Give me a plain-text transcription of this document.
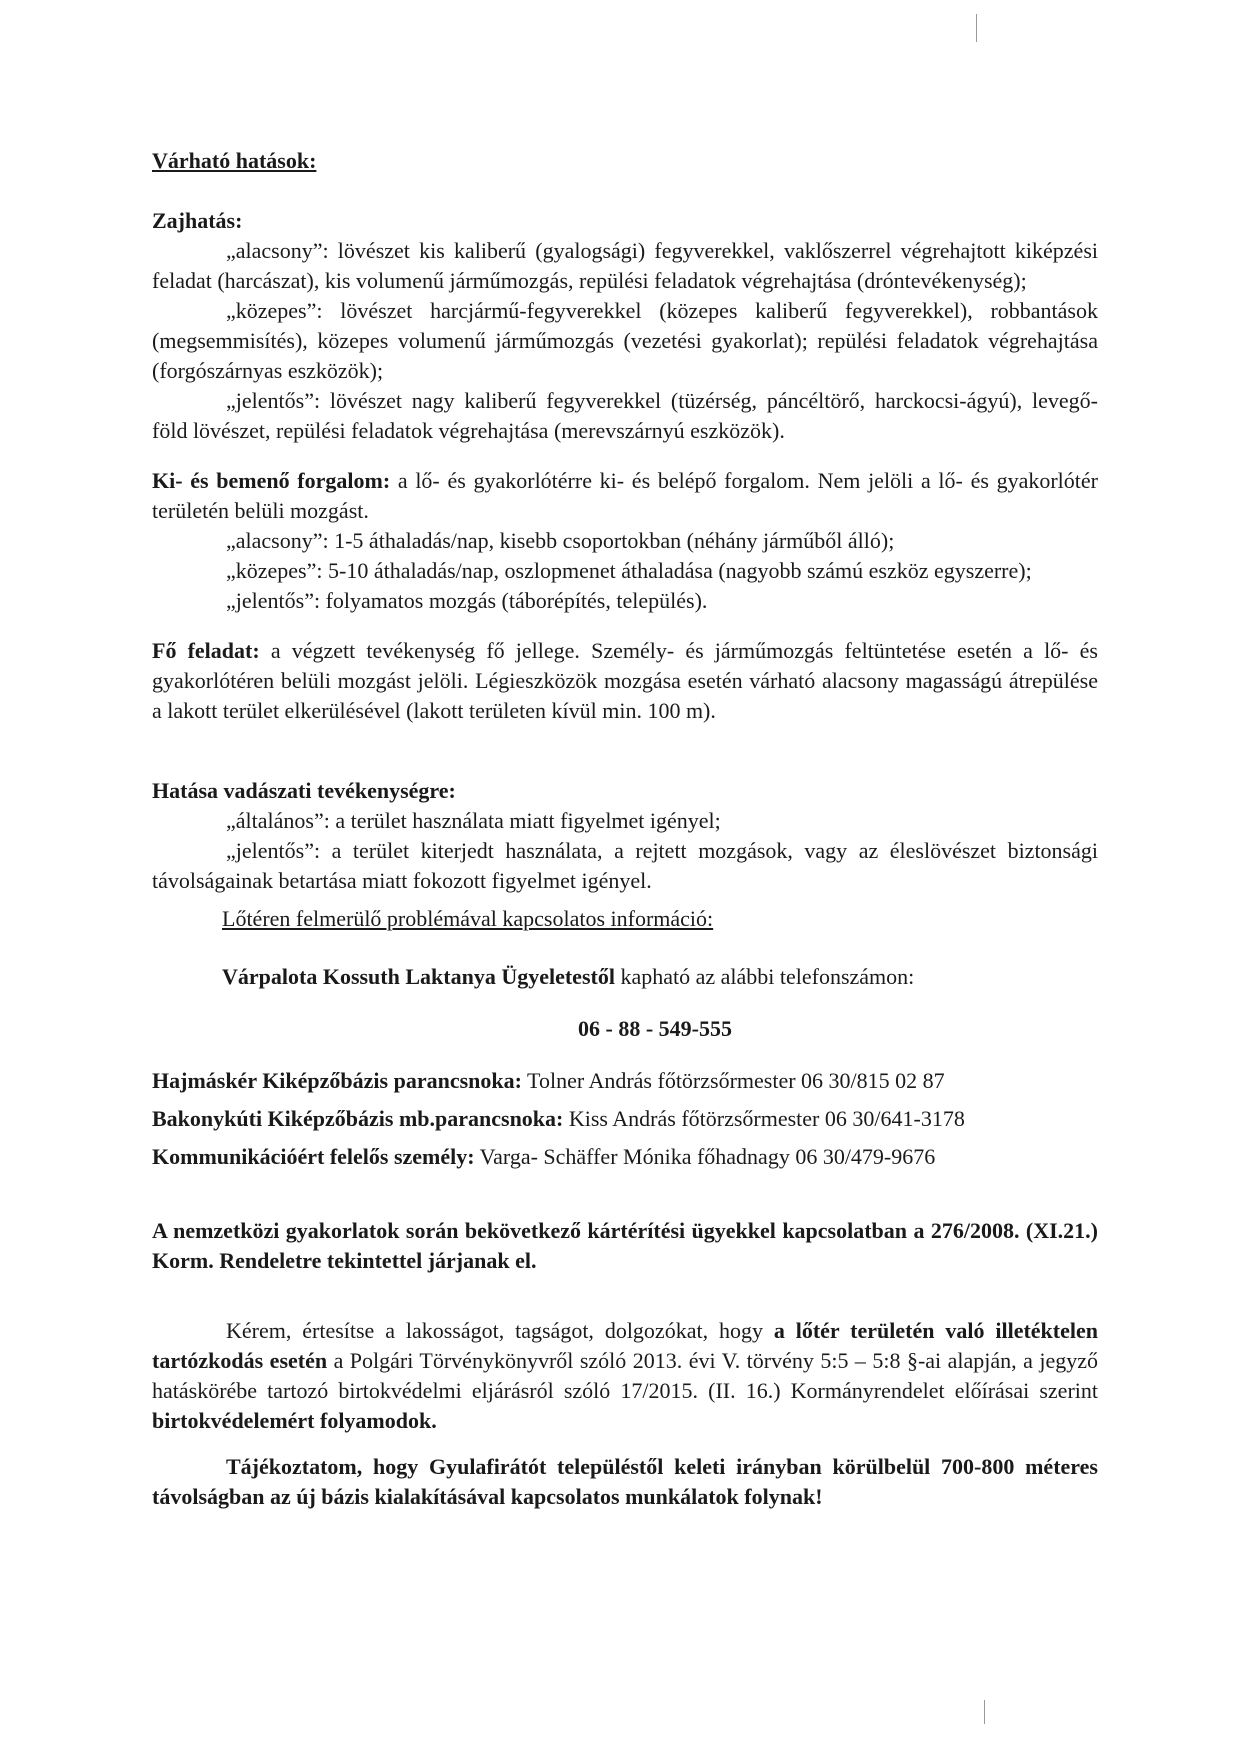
Várható hatások:

Zajhatás:

„alacsony”: lövészet kis kaliberű (gyalogsági) fegyverekkel, vaklőszerrel végrehajtott kiképzési feladat (harcászat), kis volumenű járműmozgás, repülési feladatok végrehajtása (dróntevékenység);

„közepes”: lövészet harcjármű-fegyverekkel (közepes kaliberű fegyverekkel), robbantások (megsemmisítés), közepes volumenű járműmozgás (vezetési gyakorlat); repülési feladatok végrehajtása (forgószárnyas eszközök);

„jelentős”: lövészet nagy kaliberű fegyverekkel (tüzérség, páncéltörő, harckocsi-ágyú), levegő-föld lövészet, repülési feladatok végrehajtása (merevszárnyú eszközök).

Ki- és bemenő forgalom: a lő- és gyakorlótérre ki- és belépő forgalom. Nem jelöli a lő- és gyakorlótér területén belüli mozgást.

„alacsony”: 1-5 áthaladás/nap, kisebb csoportokban (néhány járműből álló);

„közepes”: 5-10 áthaladás/nap, oszlopmenet áthaladása (nagyobb számú eszköz egyszerre);

„jelentős”: folyamatos mozgás (táborépítés, település).

Fő feladat: a végzett tevékenység fő jellege. Személy- és járműmozgás feltüntetése esetén a lő- és gyakorlótéren belüli mozgást jelöli. Légieszközök mozgása esetén várható alacsony magasságú átrepülése a lakott terület elkerülésével (lakott területen kívül min. 100 m).

Hatása vadászati tevékenységre:

„általános”: a terület használata miatt figyelmet igényel;

„jelentős”: a terület kiterjedt használata, a rejtett mozgások, vagy az éleslövészet biztonsági távolságainak betartása miatt fokozott figyelmet igényel.

Lőtéren felmerülő problémával kapcsolatos információ:

Várpalota Kossuth Laktanya Ügyeletestől kapható az alábbi telefonszámon:

06 - 88 - 549-555

Hajmáskér Kiképzőbázis parancsnoka: Tolner András főtörzsőrmester 06 30/815 02 87

Bakonykúti Kiképzőbázis mb.parancsnoka: Kiss András főtörzsőrmester 06 30/641-3178

Kommunikációért felelős személy: Varga- Schäffer Mónika főhadnagy 06 30/479-9676

A nemzetközi gyakorlatok során bekövetkező kártérítési ügyekkel kapcsolatban a 276/2008. (XI.21.) Korm. Rendeletre tekintettel járjanak el.

Kérem, értesítse a lakosságot, tagságot, dolgozókat, hogy a lőtér területén való illetéktelen tartózkodás esetén a Polgári Törvénykönyvről szóló 2013. évi V. törvény 5:5 – 5:8 §-ai alapján, a jegyző hatáskörébe tartozó birtokvédelmi eljárásról szóló 17/2015. (II. 16.) Kormányrendelet előírásai szerint birtokvédelemért folyamodok.

Tájékoztatom, hogy Gyulafirátót településtől keleti irányban körülbelül 700-800 méteres távolságban az új bázis kialakításával kapcsolatos munkálatok folynak!
